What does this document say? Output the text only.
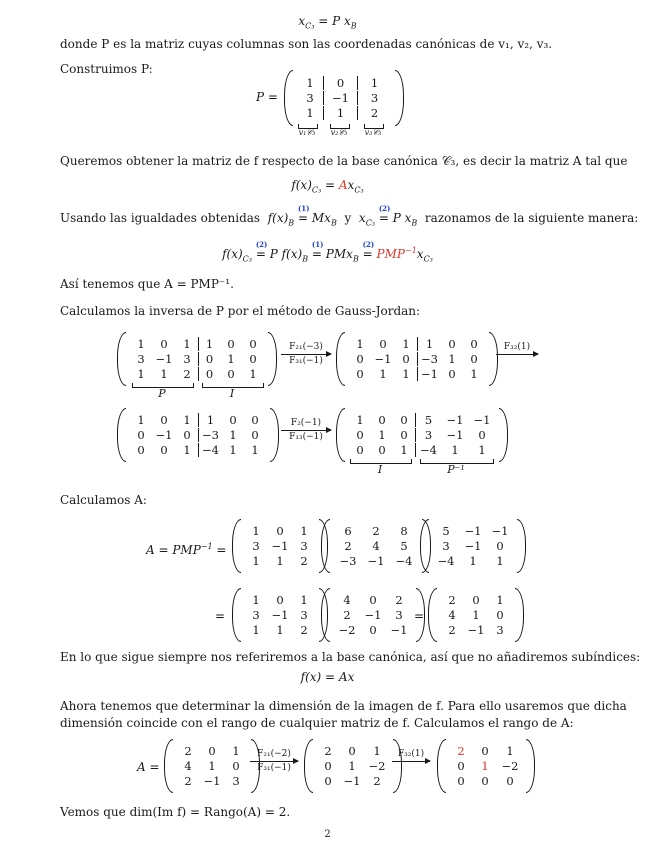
$x_{C_3} = P$ $x_B$
donde P es la matriz cuyas columnas son las coordenadas canónicas de v₁, v₂, v₃.
Construimos P:
P =
1	0	1
3	−1	3
1	1	2
v₁𝒞₃	v₂𝒞₃	v₃𝒞₃
Queremos obtener la matriz de f respecto de la base canónica 𝒞₃, es decir la matriz A tal que
$f(x)_{C_3} = Ax_{C_3}$
Usando las igualdades obtenidas $f(x)_B$
(1)
= $Mx_B$ y $x_{C_3}$
(2)
= P $x_B$ razonamos de la siguiente manera:
$f(x)_{C_3}$
(2)
= P $f(x)_B$
(1)
= PMx$_B$
(2)
= $PMP^{-1}x_{C_3}$
Así tenemos que A = PMP⁻¹.
Calculamos la inversa de P por el método de Gauss-Jordan:
1	0	1	1	0	0
3 −1 3	0	1	0
1	1	2	0	0	1
P	I
F₂₁(−3)
F₃₁(−1)
1	0	1	1	0	0
0 −1 0 −3 1	0
0	1	1 −1 0	1
F₃₂(1)

1	0	1	1	0	0
0 −1 0 −3 1	0
0	0	1 −4 1	1
F₂(−1)
F₁₃(−1)
1	0	0	5	−1 −1
0	1	0	3	−1	0
0	0	1	−4	1	1
I	P⁻¹
Calculamos A:
$A = PMP^{-1}$ =
1	0	1
3	−1	3
1	1	2
6	2	8
2	4	5
−3 −1 −4
5	−1 −1
3	−1	0
−4	1	1
=
1	0	1
3	−1	3
1	1	2
4	0	2
2	−1	3
−2	0	−1
=
2	0	1
4	1	0
2	−1	3
En lo que sigue siempre nos referiremos a la base canónica, así que no añadiremos subíndices:
f(x) = Ax
Ahora tenemos que determinar la dimensión de la imagen de f. Para ello usaremos que dicha
dimensión coincide con el rango de cualquier matriz de f. Calculamos el rango de A:
A =
2	0	1
4	1	0
2	−1	3
F₂₁(−2)
F₃₁(−1)
2	0	1
0	1	−2
0	−1	2
F₃₂(1)
	2	0	1
0	1	−2
0	0	0
Vemos que dim(Im f) = Rango(A) = 2.
2
